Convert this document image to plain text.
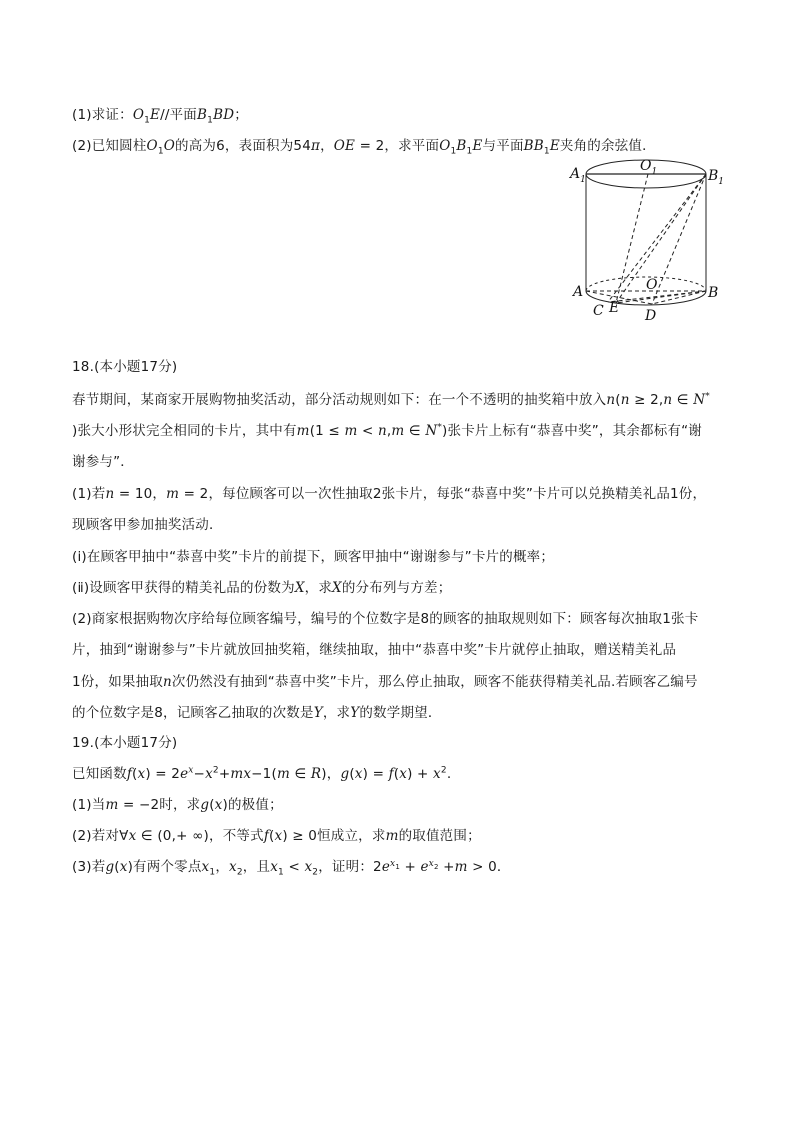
(1)求证：$O_1E//$平面$B_1BD$；
(2)已知圆柱$O_1O$的高为6，表面积为54π，OE = 2，求平面$O_1B_1E$与平面$BB_1E$夹角的余弦值．
$A_1$
$O_1$	$B_1$
A	B
O
C E D
18.(本小题17分)
春节期间，某商家开展购物抽奖活动，部分活动规则如下：在一个不透明的抽奖箱中放入n(n ≥ 2,n ∈ N*
)张大小形状完全相同的卡片，其中有m(1 ≤ m < n,m ∈ N*)张卡片上标有“恭喜中奖”，其余都标有“谢
谢参与”．
(1)若n = 10，m = 2，每位顾客可以一次性抽取2张卡片，每张“恭喜中奖”卡片可以兑换精美礼品1份，
现顾客甲参加抽奖活动．
(ⅰ)在顾客甲抽中“恭喜中奖”卡片的前提下，顾客甲抽中“谢谢参与”卡片的概率；
(ⅱ)设顾客甲获得的精美礼品的份数为X，求X的分布列与方差；
(2)商家根据购物次序给每位顾客编号，编号的个位数字是8的顾客的抽取规则如下：顾客每次抽取1张卡
片，抽到“谢谢参与”卡片就放回抽奖箱，继续抽取，抽中“恭喜中奖”卡片就停止抽取，赠送精美礼品
1份，如果抽取n次仍然没有抽到“恭喜中奖”卡片，那么停止抽取，顾客不能获得精美礼品.若顾客乙编号
的个位数字是8，记顾客乙抽取的次数是Y，求Y的数学期望．
19.(本小题17分)
已知函数$f(x) = 2e^x-x^2+mx-1(m$ ∈ R)，$g(x) = f(x) + x^2$.
(1)当m = −2时，求g(x)的极值；
(2)若对∀x ∈ (0,+ ∞)，不等式f(x) ≥ 0恒成立，求m的取值范围；
(3)若g(x)有两个零点$x_1$，$x_2$，且$x_1 < x_2$，证明：$2e^{x_1} + e^{x_2} +m > 0$．
